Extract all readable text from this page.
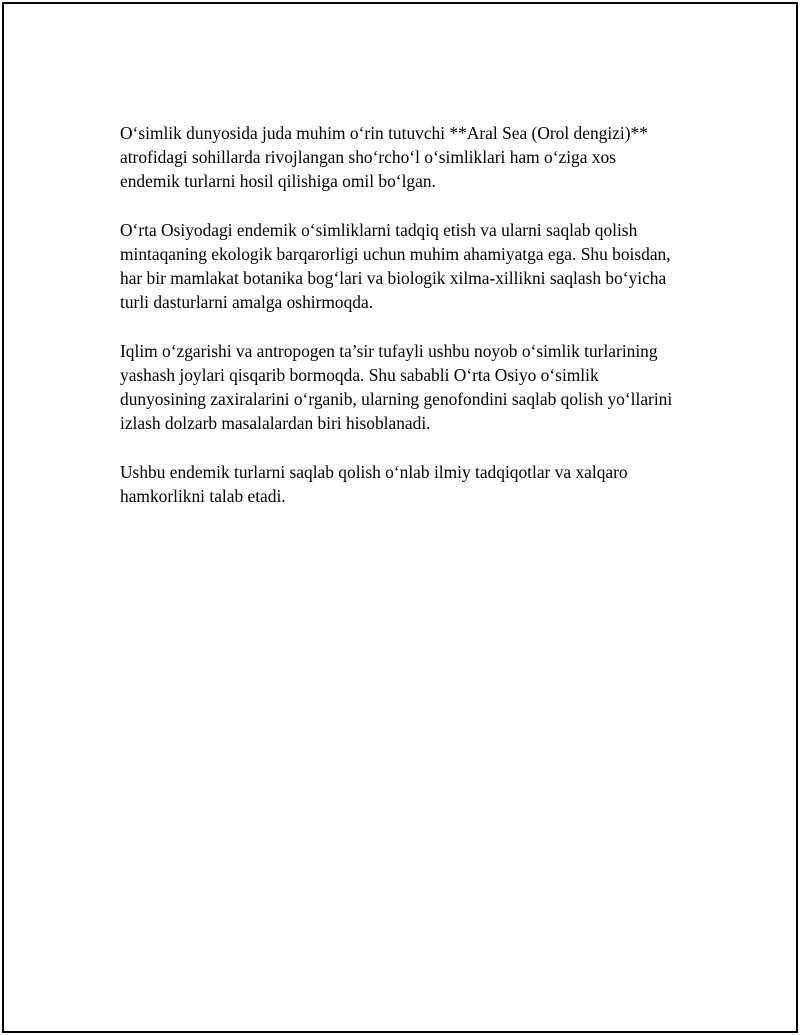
O‘simlik dunyosida juda muhim o‘rin tutuvchi **Aral Sea (Orol dengizi)** atrofidagi sohillarda rivojlangan sho‘rcho‘l o‘simliklari ham o‘ziga xos endemik turlarni hosil qilishiga omil bo‘lgan.

O‘rta Osiyodagi endemik o‘simliklarni tadqiq etish va ularni saqlab qolish mintaqaning ekologik barqarorligi uchun muhim ahamiyatga ega. Shu boisdan, har bir mamlakat botanika bog‘lari va biologik xilma-xillikni saqlash bo‘yicha turli dasturlarni amalga oshirmoqda.

Iqlim o‘zgarishi va antropogen ta’sir tufayli ushbu noyob o‘simlik turlarining yashash joylari qisqarib bormoqda. Shu sababli O‘rta Osiyo o‘simlik dunyosining zaxiralarini o‘rganib, ularning genofondini saqlab qolish yo‘llarini izlash dolzarb masalalardan biri hisoblanadi.

Ushbu endemik turlarni saqlab qolish o‘nlab ilmiy tadqiqotlar va xalqaro hamkorlikni talab etadi.
